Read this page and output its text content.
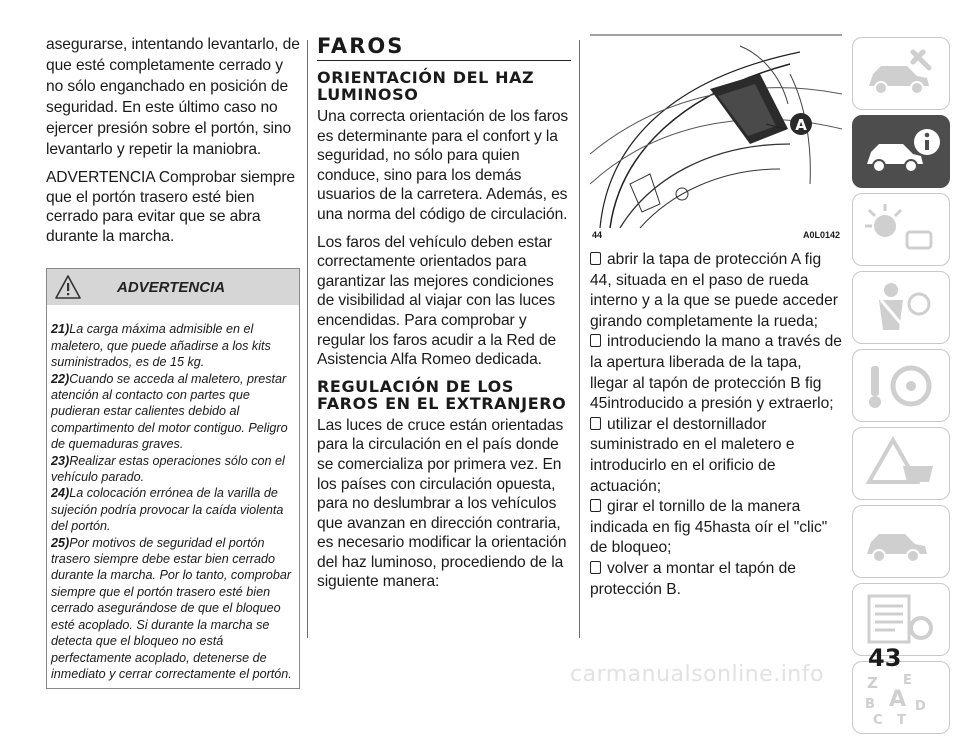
asegurarse, intentando levantarlo, de que esté completamente cerrado y no sólo enganchado en posición de seguridad. En este último caso no ejercer presión sobre el portón, sino levantarlo y repetir la maniobra.

ADVERTENCIA Comprobar siempre que el portón trasero esté bien cerrado para evitar que se abra durante la marcha.

ADVERTENCIA
21)La carga máxima admisible en el maletero, que puede añadirse a los kits suministrados, es de 15 kg.
22)Cuando se acceda al maletero, prestar atención al contacto con partes que pudieran estar calientes debido al compartimento del motor contiguo. Peligro de quemaduras graves.
23)Realizar estas operaciones sólo con el vehículo parado.
24)La colocación errónea de la varilla de sujeción podría provocar la caída violenta del portón.
25)Por motivos de seguridad el portón trasero siempre debe estar bien cerrado durante la marcha. Por lo tanto, comprobar siempre que el portón trasero esté bien cerrado asegurándose de que el bloqueo esté acoplado. Si durante la marcha se detecta que el bloqueo no está perfectamente acoplado, detenerse de inmediato y cerrar correctamente el portón.
FAROS
ORIENTACIÓN DEL HAZ LUMINOSO

Una correcta orientación de los faros es determinante para el confort y la seguridad, no sólo para quien conduce, sino para los demás usuarios de la carretera. Además, es una norma del código de circulación.

Los faros del vehículo deben estar correctamente orientados para garantizar las mejores condiciones de visibilidad al viajar con las luces encendidas. Para comprobar y regular los faros acudir a la Red de Asistencia Alfa Romeo dedicada.

REGULACIÓN DE LOS FAROS EN EL EXTRANJERO

Las luces de cruce están orientadas para la circulación en el país donde se comercializa por primera vez. En los países con circulación opuesta, para no deslumbrar a los vehículos que avanzan en dirección contraria, es necesario modificar la orientación del haz luminoso, procediendo de la siguiente manera:

A
44	A0L0142

abrir la tapa de protección A fig 44, situada en el paso de rueda interno y a la que se puede acceder girando completamente la rueda;

introduciendo la mano a través de la apertura liberada de la tapa, llegar al tapón de protección B fig 45introducido a presión y extraerlo;

utilizar el destornillador suministrado en el maletero e introducirlo en el orificio de actuación;

girar el tornillo de la manera indicada en fig 45hasta oír el "clic" de bloqueo;

volver a montar el tapón de protección B.

Z E
B A D
C T
43
carmanualsonline.info
